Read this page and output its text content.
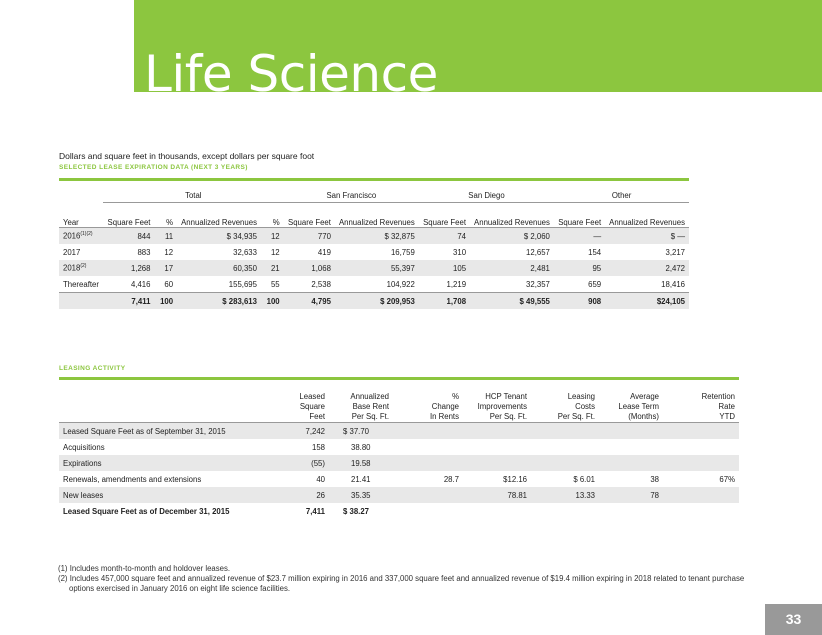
Life Science
Dollars and square feet in thousands, except dollars per square foot
SELECTED LEASE EXPIRATION DATA (NEXT 3 YEARS)
	Total				San Francisco		San Diego		Other	
Year	Square Feet	%	Annualized Revenues	%		Square Feet	Annualized Revenues		Square Feet	Annualized Revenues		Square Feet	Annualized Revenues
$2016^{(1)(2)}$	844	11	$ 34,935	12		770	$ 32,875		74	$ 2,060		—	$ —
2017	883	12	32,633	12		419	16,759		310	12,657		154	3,217
2018$^{(2)}$	1,268	17	60,350	21		1,068	55,397		105	2,481		95	2,472
Thereafter	4,416	60	155,695	55		2,538	104,922		1,219	32,357		659	18,416
	7,411	100	$ 283,613	100		4,795	$ 209,953		1,708	$ 49,555		908	$24,105
LEASING ACTIVITY
	Leased
Square
Feet	Annualized
Base Rent
Per Sq. Ft.	%
Change
In Rents	HCP Tenant
Improvements
Per Sq. Ft.	Leasing
Costs
Per Sq. Ft.	Average
Lease Term
(Months)	Retention
Rate
YTD
Leased Square Feet as of September 31, 2015	7,242	$ 37.70					
Acquisitions	158	38.80					
Expirations	(55)	19.58					
Renewals, amendments and extensions	40	21.41	28.7	$12.16	$ 6.01	38	67%
New leases	26	35.35		78.81	13.33	78	
Leased Square Feet as of December 31, 2015	7,411	$ 38.27					
(1) Includes month-to-month and holdover leases.
(2) Includes 457,000 square feet and annualized revenue of $23.7 million expiring in 2016 and 337,000 square feet and annualized revenue of $19.4 million expiring in 2018 related to tenant purchase options exercised in January 2016 on eight life science facilities.
33
